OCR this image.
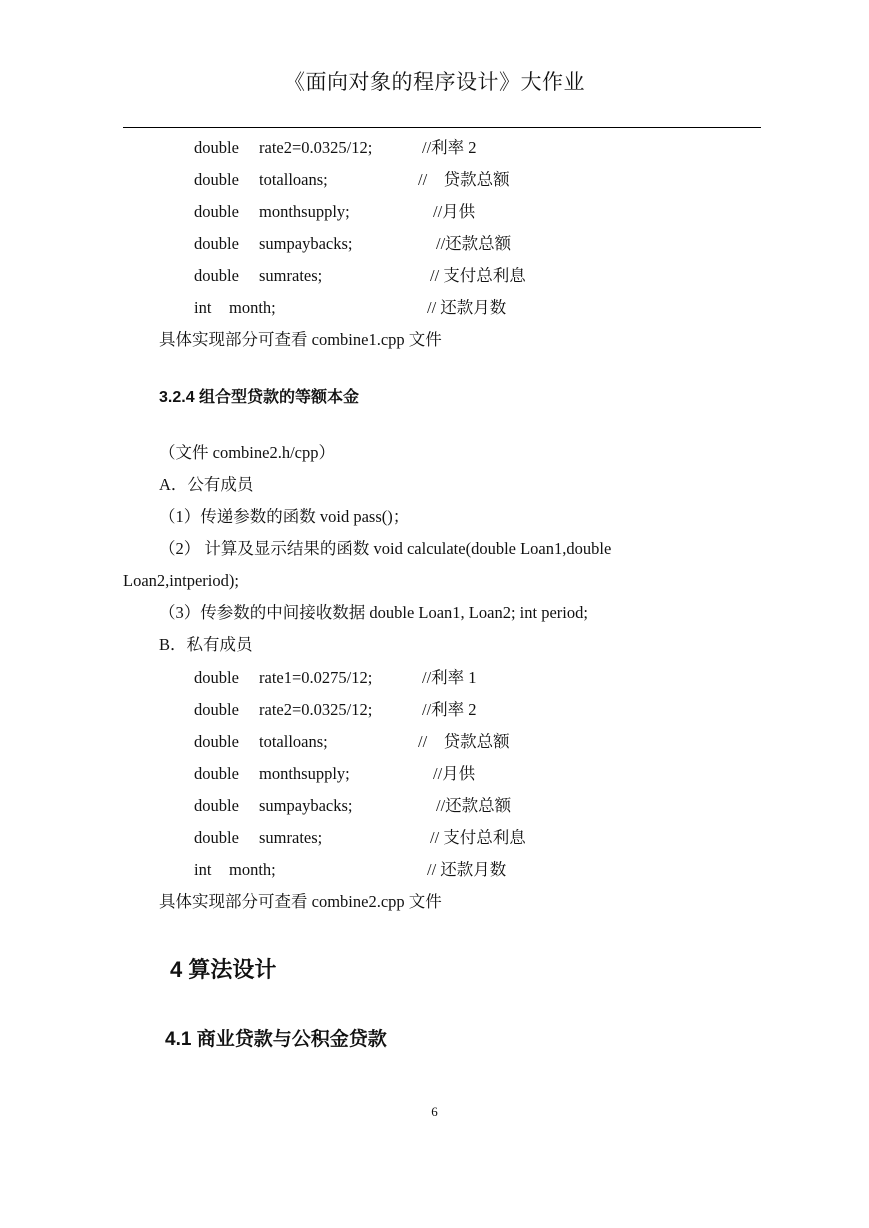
《面向对象的程序设计》大作业
double rate2=0.0325/12;	//利率 2
double totalloans;	//　贷款总额
double monthsupply;	//月供
double sumpaybacks;	//还款总额
double sumrates;	// 支付总利息
int month;	// 还款月数
具体实现部分可查看 combine1.cpp 文件
3.2.4 组合型贷款的等额本金
（文件 combine2.h/cpp）
A．公有成员
（1）传递参数的函数 void pass()；
（2） 计算及显示结果的函数 void calculate(double Loan1,double
Loan2,intperiod);
（3）传参数的中间接收数据 double Loan1, Loan2; int period;
B．私有成员
double rate1=0.0275/12;	//利率 1
double rate2=0.0325/12;	//利率 2
double totalloans;	//　贷款总额
double monthsupply;	//月供
double sumpaybacks;	//还款总额
double sumrates;	// 支付总利息
int month;	// 还款月数
具体实现部分可查看 combine2.cpp 文件
4 算法设计
4.1 商业贷款与公积金贷款
6
